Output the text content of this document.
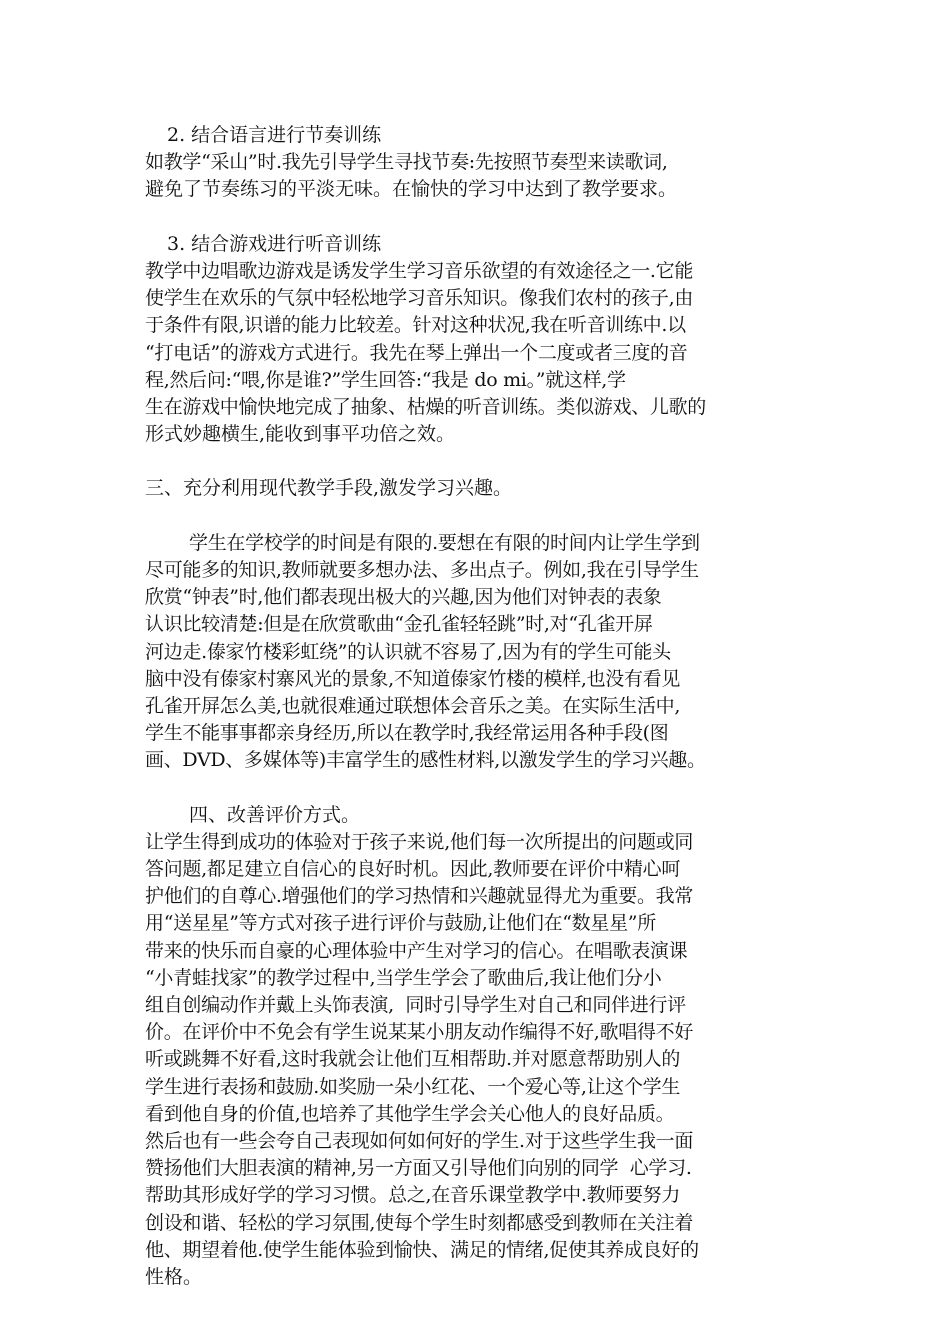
2. 结合语言进行节奏训练
如教学“采山”时.我先引导学生寻找节奏:先按照节奏型来读歌词,
避免了节奏练习的平淡无味。在愉快的学习中达到了教学要求。
3. 结合游戏进行听音训练
教学中边唱歌边游戏是诱发学生学习音乐欲望的有效途径之一.它能
使学生在欢乐的气氛中轻松地学习音乐知识。像我们农村的孩子,由
于条件有限,识谱的能力比较差。针对这种状况,我在听音训练中.以
“打电话”的游戏方式进行。我先在琴上弹出一个二度或者三度的音
程,然后问:“喂,你是谁?”学生回答:“我是 do mi。”就这样,学
生在游戏中愉快地完成了抽象、枯燥的听音训练。类似游戏、儿歌的
形式妙趣横生,能收到事平功倍之效。
三、充分利用现代教学手段,激发学习兴趣。
学生在学校学的时间是有限的.要想在有限的时间内让学生学到
尽可能多的知识,教师就要多想办法、多出点子。例如,我在引导学生
欣赏“钟表”时,他们都表现出极大的兴趣,因为他们对钟表的表象
认识比较清楚:但是在欣赏歌曲“金孔雀轻轻跳”时,对“孔雀开屏
河边走.傣家竹楼彩虹绕”的认识就不容易了,因为有的学生可能头
脑中没有傣家村寨风光的景象,不知道傣家竹楼的模样,也没有看见
孔雀开屏怎么美,也就很难通过联想体会音乐之美。在实际生活中,
学生不能事事都亲身经历,所以在教学时,我经常运用各种手段(图
画、DVD、多媒体等)丰富学生的感性材料,以激发学生的学习兴趣。
四、改善评价方式。
让学生得到成功的体验对于孩子来说,他们每一次所提出的问题或同
答问题,都足建立自信心的良好时机。因此,教师要在评价中精心呵
护他们的自尊心.增强他们的学习热情和兴趣就显得尤为重要。我常
用“送星星”等方式对孩子进行评价与鼓励,让他们在“数星星”所
带来的快乐而自豪的心理体验中产生对学习的信心。在唱歌表演课
“小青蛙找家”的教学过程中,当学生学会了歌曲后,我让他们分小
组自创编动作并戴上头饰表演,  同时引导学生对自己和同伴进行评
价。在评价中不免会有学生说某某小朋友动作编得不好,歌唱得不好
听或跳舞不好看,这时我就会让他们互相帮助.并对愿意帮助别人的
学生进行表扬和鼓励.如奖励一朵小红花、一个爱心等,让这个学生
看到他自身的价值,也培养了其他学生学会关心他人的良好品质。
然后也有一些会夸自己表现如何如何好的学生.对于这些学生我一面
赞扬他们大胆表演的精神,另一方面又引导他们向别的同学  心学习.
帮助其形成好学的学习习惯。总之,在音乐课堂教学中.教师要努力
创设和谐、轻松的学习氛围,使每个学生时刻都感受到教师在关注着
他、期望着他.使学生能体验到愉快、满足的情绪,促使其养成良好的
性格。
